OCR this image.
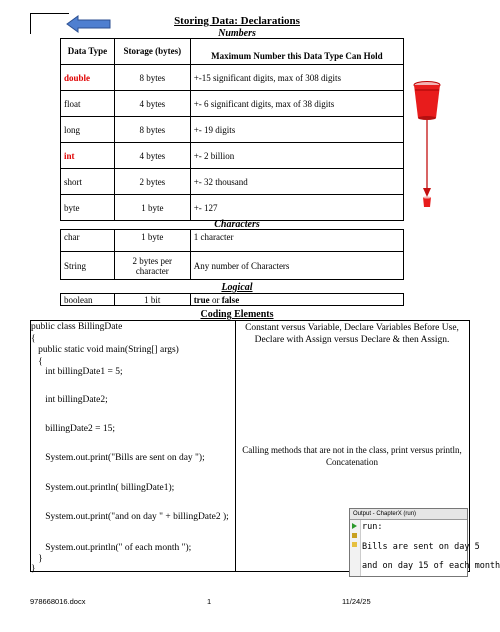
Storing Data: Declarations
Numbers
Data Type	Storage (bytes)	Maximum Number this Data Type Can Hold
double	8 bytes	+-15 significant digits, max of 308 digits
float	4 bytes	+- 6 significant digits, max of 38 digits
long	8 bytes	+- 19 digits
int	4 bytes	+- 2 billion
short	2 bytes	+- 32 thousand
byte	1 byte	+- 127
Characters
char	1 byte	1 character
String	2 bytes per character	Any number of Characters
Logical
boolean	1 bit	true or false
Coding Elements
public class BillingDate
{
public static void main(String[] args)
{
int billingDate1 = 5;
int billingDate2;
billingDate2 = 15;
System.out.print("Bills are sent on day ");
System.out.println( billingDate1);
System.out.print("and on day " + billingDate2 );
System.out.println(" of each month ");
}
}
Constant versus Variable, Declare Variables Before Use, Declare with Assign versus Declare & then Assign.
Calling methods that are not in the class, print versus println, Concatenation
Output - ChapterX (run)
run:
Bills are sent on day 5
and on day 15 of each month
978668016.docx	1	11/24/25
